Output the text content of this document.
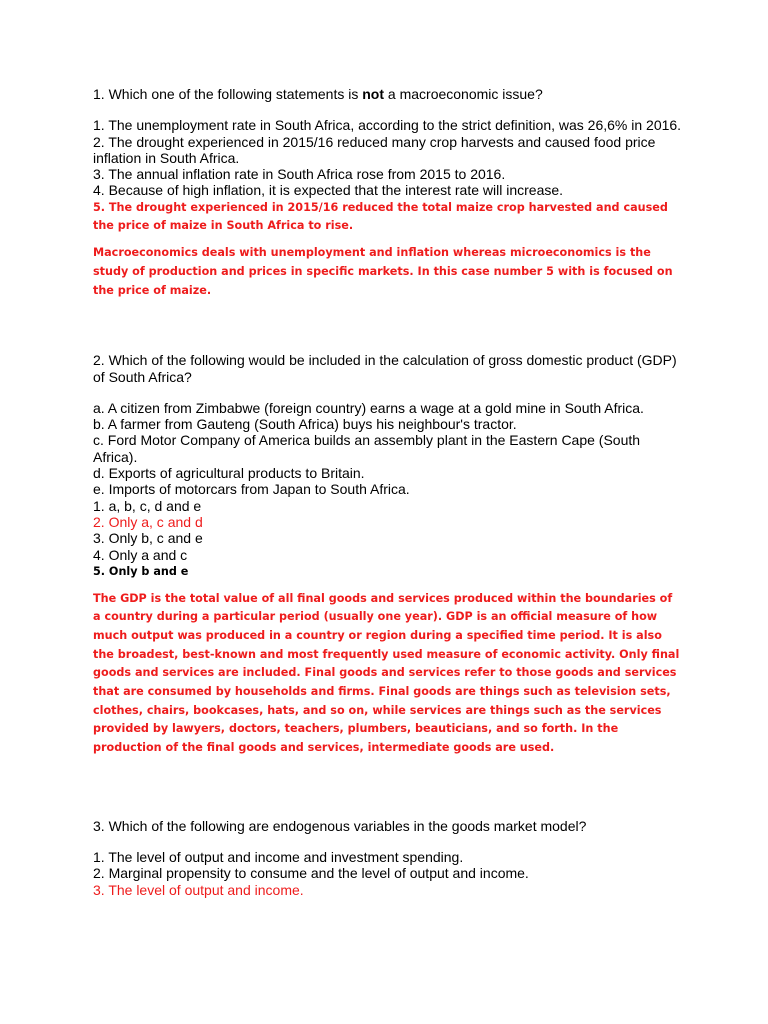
1. Which one of the following statements is not a macroeconomic issue?

1. The unemployment rate in South Africa, according to the strict definition, was 26,6% in 2016.

2. The drought experienced in 2015/16 reduced many crop harvests and caused food price inflation in South Africa.

3. The annual inflation rate in South Africa rose from 2015 to 2016.

4. Because of high inflation, it is expected that the interest rate will increase.

5. The drought experienced in 2015/16 reduced the total maize crop harvested and caused the price of maize in South Africa to rise.

Macroeconomics deals with unemployment and inflation whereas microeconomics is the study of production and prices in specific markets. In this case number 5 with is focused on the price of maize.

2. Which of the following would be included in the calculation of gross domestic product (GDP) of South Africa?

a. A citizen from Zimbabwe (foreign country) earns a wage at a gold mine in South Africa.

b. A farmer from Gauteng (South Africa) buys his neighbour's tractor.

c. Ford Motor Company of America builds an assembly plant in the Eastern Cape (South Africa).

d. Exports of agricultural products to Britain.

e. Imports of motorcars from Japan to South Africa.

1. a, b, c, d and e

2. Only a, c and d

3. Only b, c and e

4. Only a and c

5. Only b and e

The GDP is the total value of all final goods and services produced within the boundaries of a country during a particular period (usually one year). GDP is an official measure of how much output was produced in a country or region during a specified time period. It is also the broadest, best-known and most frequently used measure of economic activity. Only final goods and services are included. Final goods and services refer to those goods and services that are consumed by households and firms. Final goods are things such as television sets, clothes, chairs, bookcases, hats, and so on, while services are things such as the services provided by lawyers, doctors, teachers, plumbers, beauticians, and so forth. In the production of the final goods and services, intermediate goods are used.

3. Which of the following are endogenous variables in the goods market model?

1. The level of output and income and investment spending.

2. Marginal propensity to consume and the level of output and income.

3. The level of output and income.
